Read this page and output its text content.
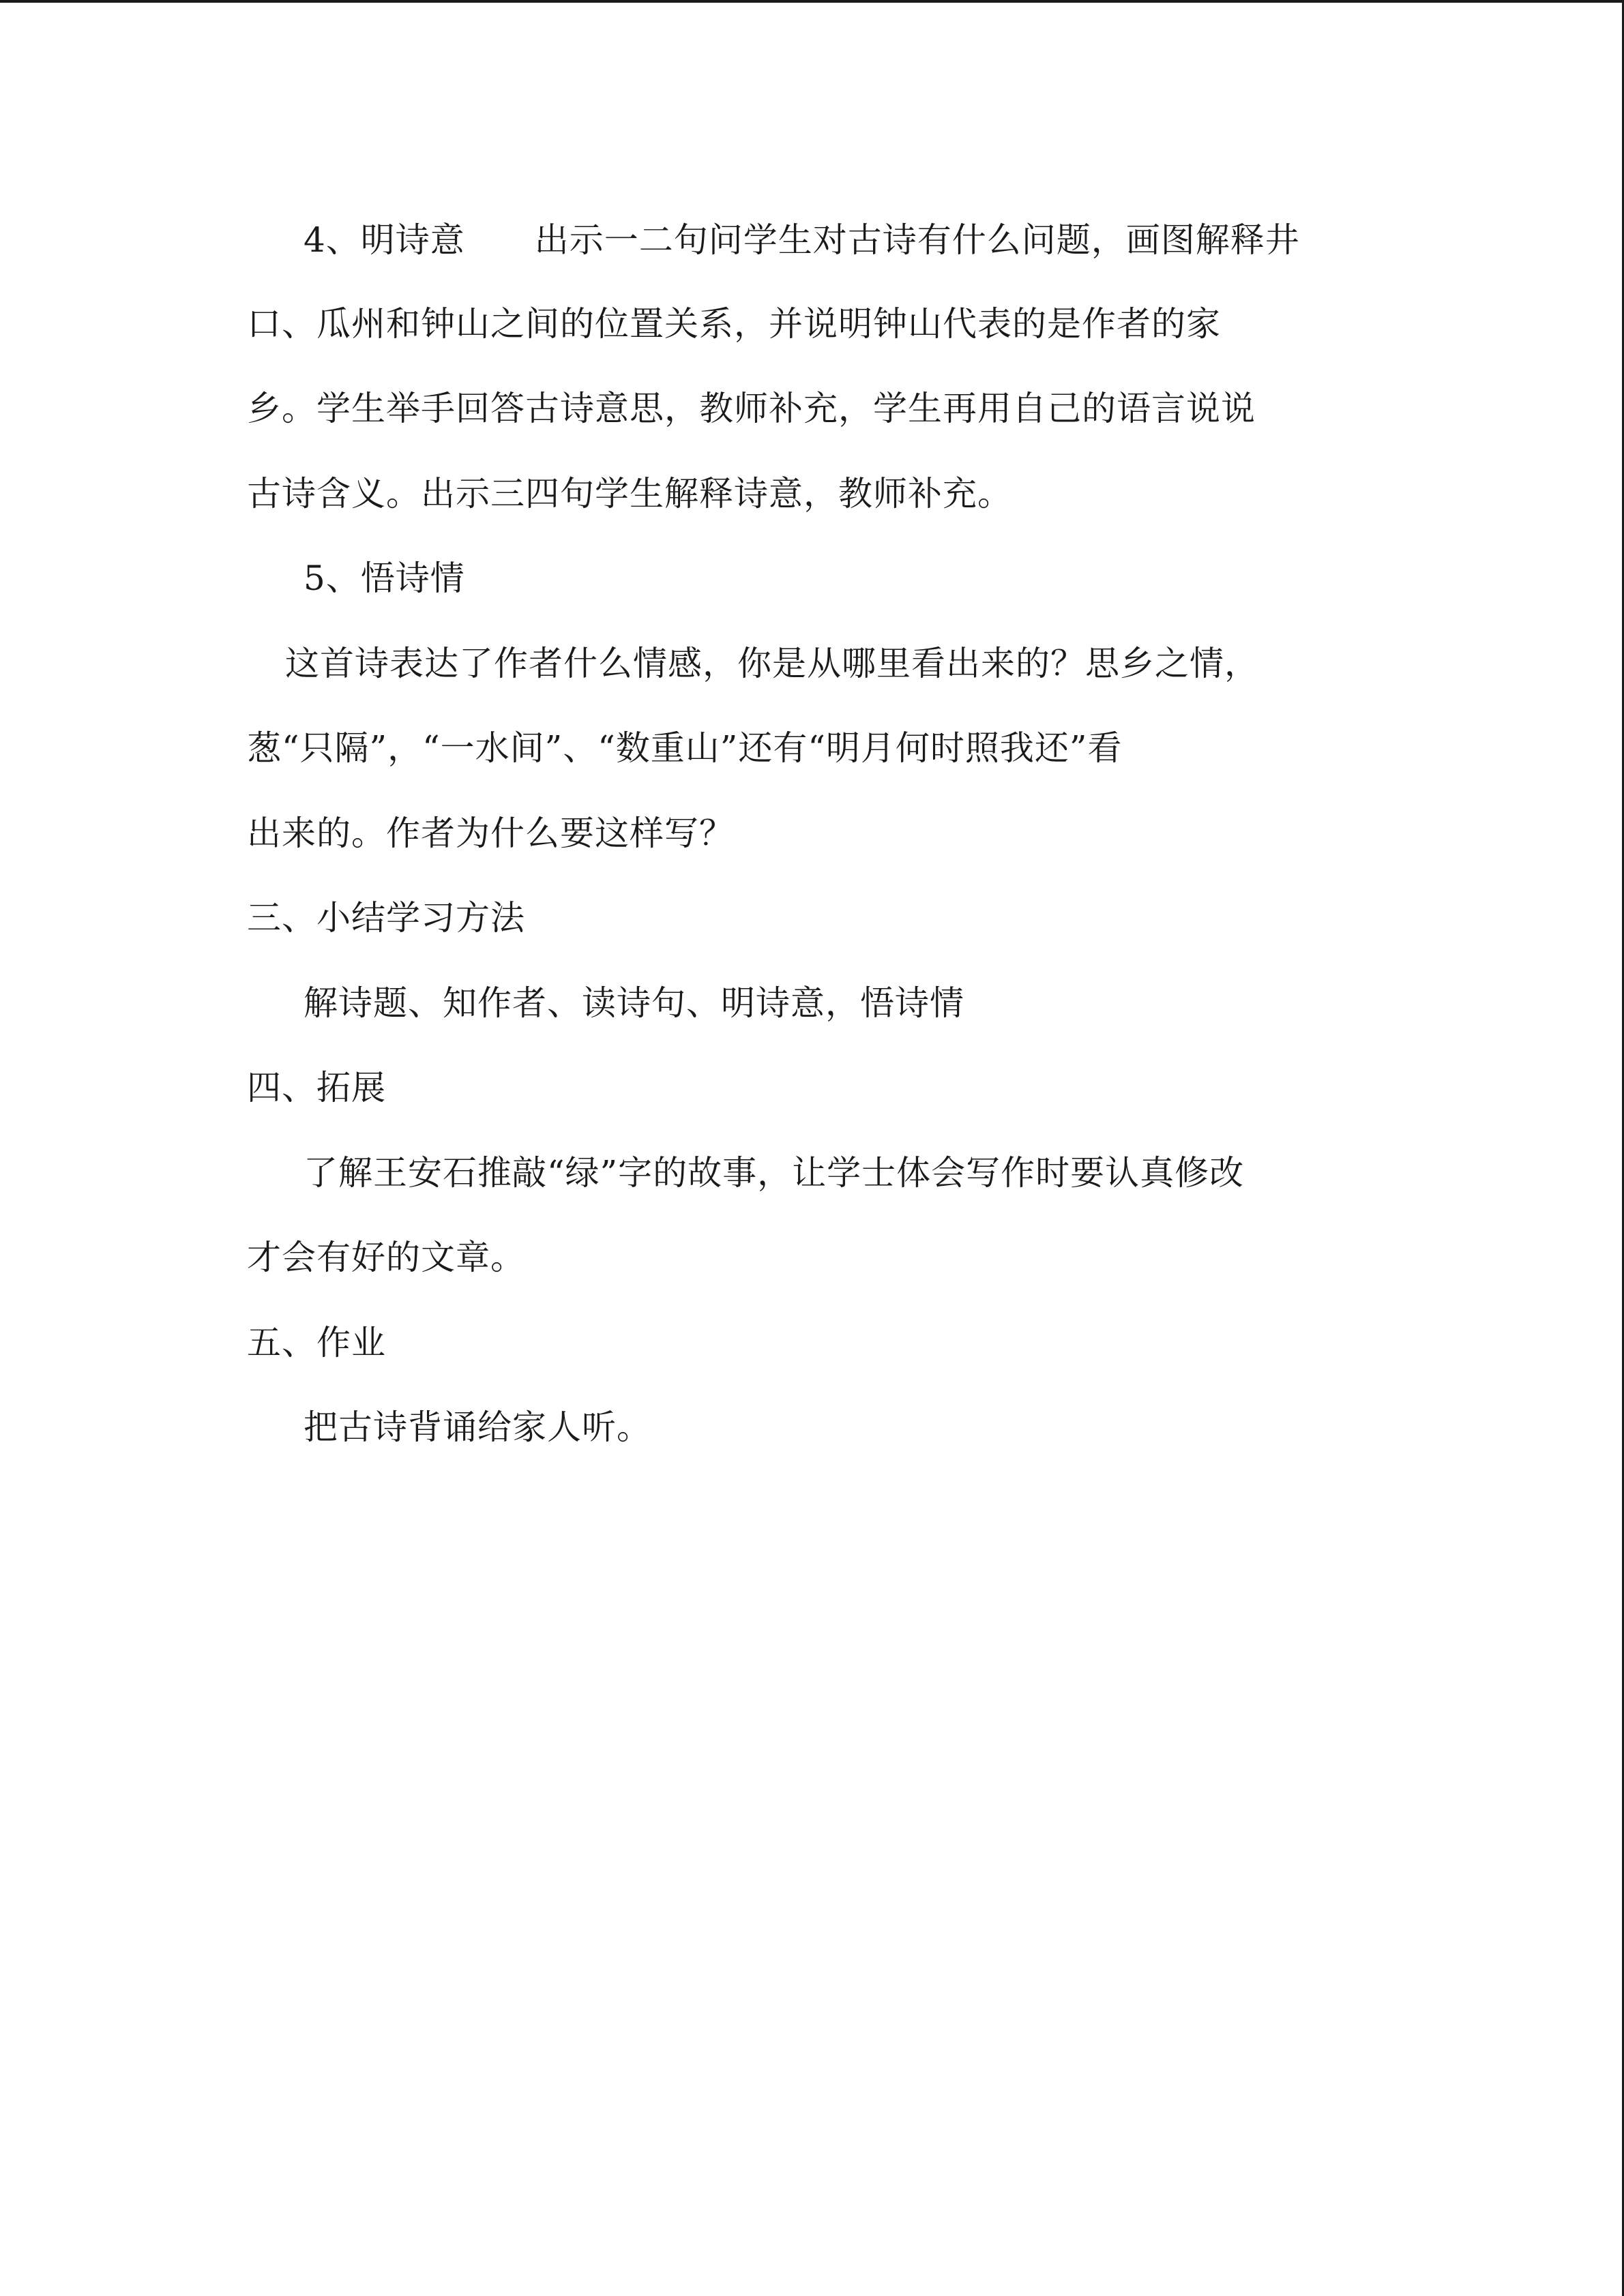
4、明诗意　　出示一二句问学生对古诗有什么问题，画图解释井

口、瓜州和钟山之间的位置关系，并说明钟山代表的是作者的家

乡。学生举手回答古诗意思，教师补充，学生再用自己的语言说说

古诗含义。出示三四句学生解释诗意，教师补充。

5、悟诗情

这首诗表达了作者什么情感，你是从哪里看出来的？思乡之情，

葱“只隔”，“一水间”、“数重山”还有“明月何时照我还”看

出来的。作者为什么要这样写？

三、小结学习方法

解诗题、知作者、读诗句、明诗意，悟诗情

四、拓展

了解王安石推敲“绿”字的故事，让学士体会写作时要认真修改

才会有好的文章。

五、作业

把古诗背诵给家人听。
